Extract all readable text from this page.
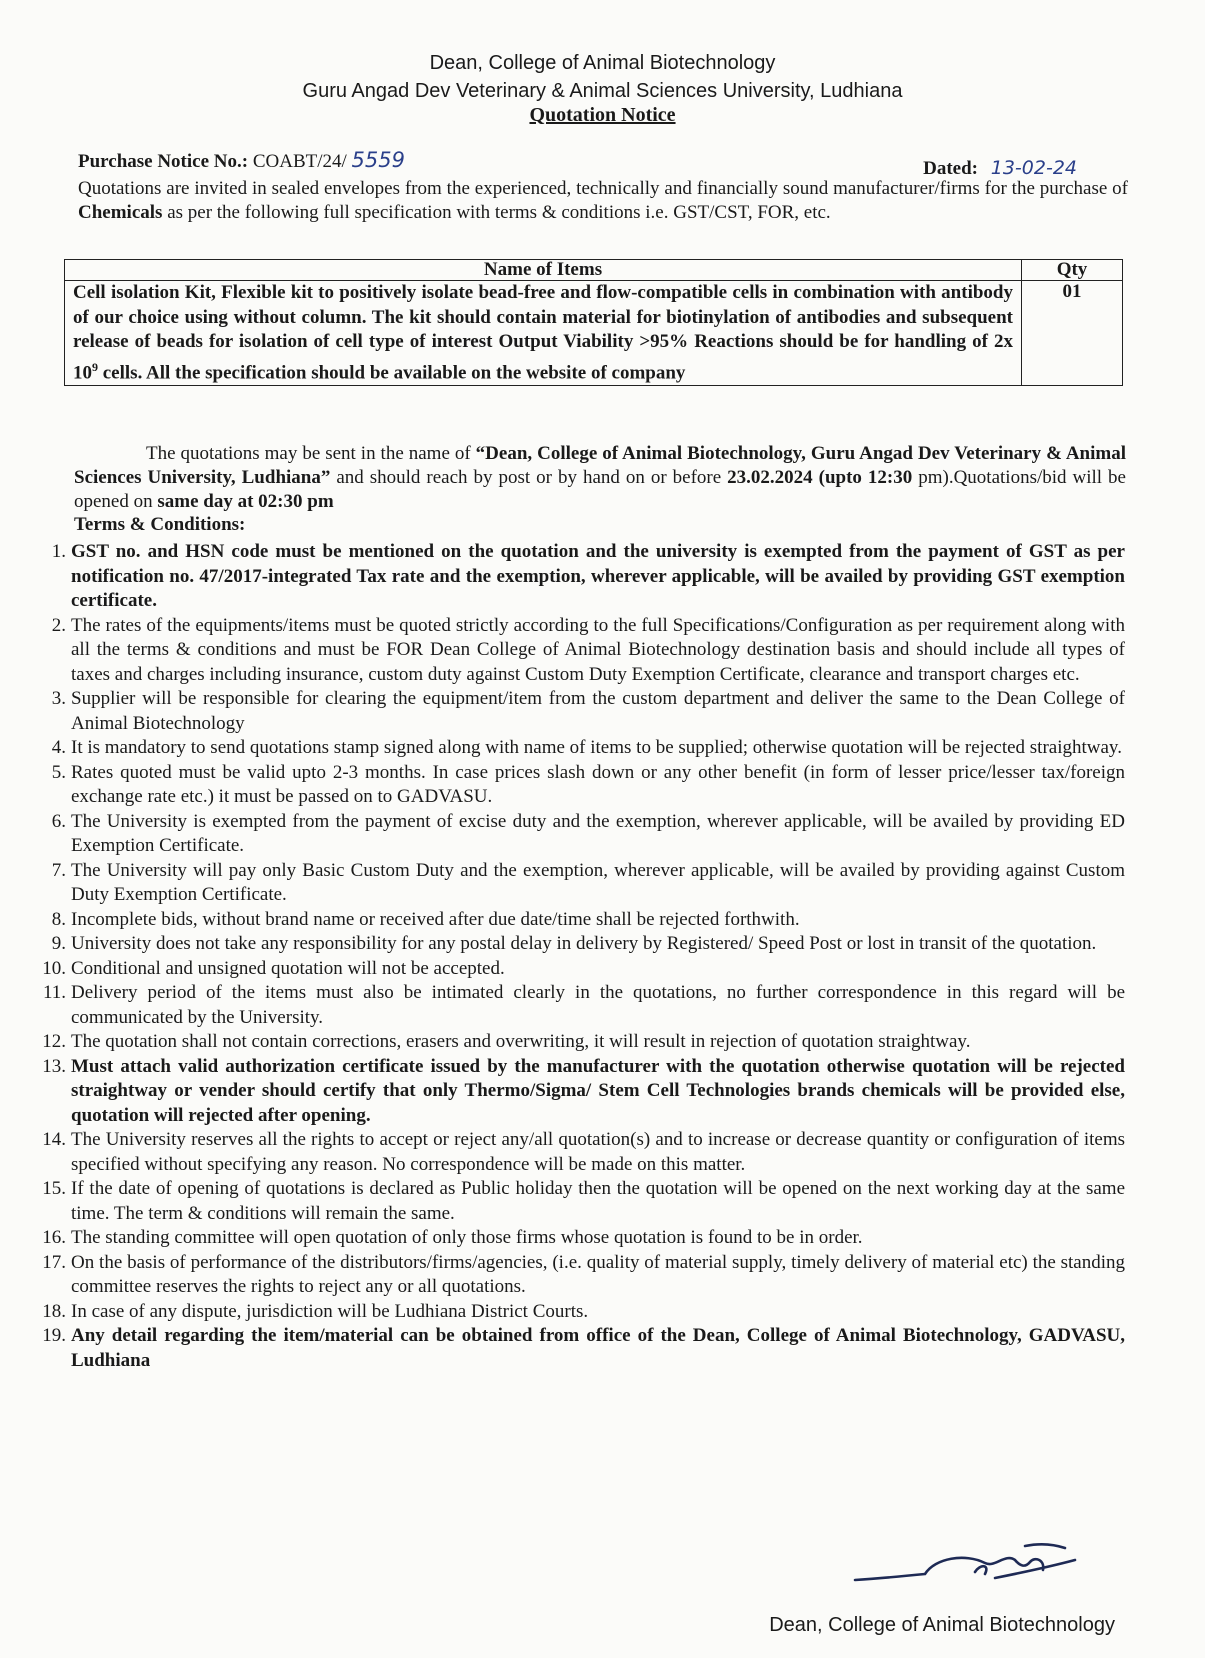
Dean, College of Animal Biotechnology
Guru Angad Dev Veterinary & Animal Sciences University, Ludhiana
Quotation Notice
Purchase Notice No.: COABT/24/ 5559	Dated: 13-02-24
Quotations are invited in sealed envelopes from the experienced, technically and financially sound manufacturer/firms for the purchase of Chemicals as per the following full specification with terms & conditions i.e. GST/CST, FOR, etc.
Name of Items	Qty
Cell isolation Kit, Flexible kit to positively isolate bead-free and flow-compatible cells in combination with antibody of our choice using without column. The kit should contain material for biotinylation of antibodies and subsequent release of beads for isolation of cell type of interest Output Viability >95% Reactions should be for handling of 2x $10^9$ cells. All the specification should be available on the website of company	01
The quotations may be sent in the name of “Dean, College of Animal Biotechnology, Guru Angad Dev Veterinary & Animal Sciences University, Ludhiana” and should reach by post or by hand on or before 23.02.2024 (upto 12:30 pm).Quotations/bid will be opened on same day at 02:30 pm
Terms & Conditions:
1. GST no. and HSN code must be mentioned on the quotation and the university is exempted from the payment of GST as per notification no. 47/2017-integrated Tax rate and the exemption, wherever applicable, will be availed by providing GST exemption certificate.
2. The rates of the equipments/items must be quoted strictly according to the full Specifications/Configuration as per requirement along with all the terms & conditions and must be FOR Dean College of Animal Biotechnology destination basis and should include all types of taxes and charges including insurance, custom duty against Custom Duty Exemption Certificate, clearance and transport charges etc.
3. Supplier will be responsible for clearing the equipment/item from the custom department and deliver the same to the Dean College of Animal Biotechnology
4. It is mandatory to send quotations stamp signed along with name of items to be supplied; otherwise quotation will be rejected straightway.
5. Rates quoted must be valid upto 2-3 months. In case prices slash down or any other benefit (in form of lesser price/lesser tax/foreign exchange rate etc.) it must be passed on to GADVASU.
6. The University is exempted from the payment of excise duty and the exemption, wherever applicable, will be availed by providing ED Exemption Certificate.
7. The University will pay only Basic Custom Duty and the exemption, wherever applicable, will be availed by providing against Custom Duty Exemption Certificate.
8. Incomplete bids, without brand name or received after due date/time shall be rejected forthwith.
9. University does not take any responsibility for any postal delay in delivery by Registered/ Speed Post or lost in transit of the quotation.
10. Conditional and unsigned quotation will not be accepted.
11. Delivery period of the items must also be intimated clearly in the quotations, no further correspondence in this regard will be communicated by the University.
12. The quotation shall not contain corrections, erasers and overwriting, it will result in rejection of quotation straightway.
13. Must attach valid authorization certificate issued by the manufacturer with the quotation otherwise quotation will be rejected straightway or vender should certify that only Thermo/Sigma/ Stem Cell Technologies brands chemicals will be provided else, quotation will rejected after opening.
14. The University reserves all the rights to accept or reject any/all quotation(s) and to increase or decrease quantity or configuration of items specified without specifying any reason. No correspondence will be made on this matter.
15. If the date of opening of quotations is declared as Public holiday then the quotation will be opened on the next working day at the same time. The term & conditions will remain the same.
16. The standing committee will open quotation of only those firms whose quotation is found to be in order.
17. On the basis of performance of the distributors/firms/agencies, (i.e. quality of material supply, timely delivery of material etc) the standing committee reserves the rights to reject any or all quotations.
18. In case of any dispute, jurisdiction will be Ludhiana District Courts.
19. Any detail regarding the item/material can be obtained from office of the Dean, College of Animal Biotechnology, GADVASU, Ludhiana
Dean, College of Animal Biotechnology
